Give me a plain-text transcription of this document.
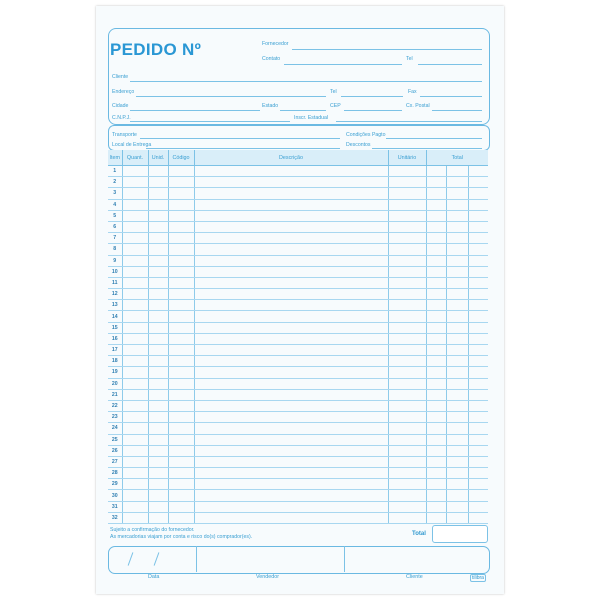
PEDIDO Nº	Fornecedor
Contato	Tel
Cliente
Endereço	Tel	Fax
Cidade	Estado	CEP	Cx. Postal
C.N.P.J.	Inscr. Estadual
Transporte	Condições Pagto
Local de Entrega	Descontos
Item	Quant.	Unid.	Código	Descrição	Unitário	Total		
1								
2								
3								
4								
5								
6								
7								
8								
9								
10								
11								
12								
13								
14								
15								
16								
17								
18								
19								
20								
21								
22								
23								
24								
25								
26								
27								
28								
29								
30								
31								
32								
Sujeito a confirmação do fornecedor.
As mercadorias viajam por conta e risco do(s) comprador(es).	Total
Data	Vendedor	Cliente	tilibra
